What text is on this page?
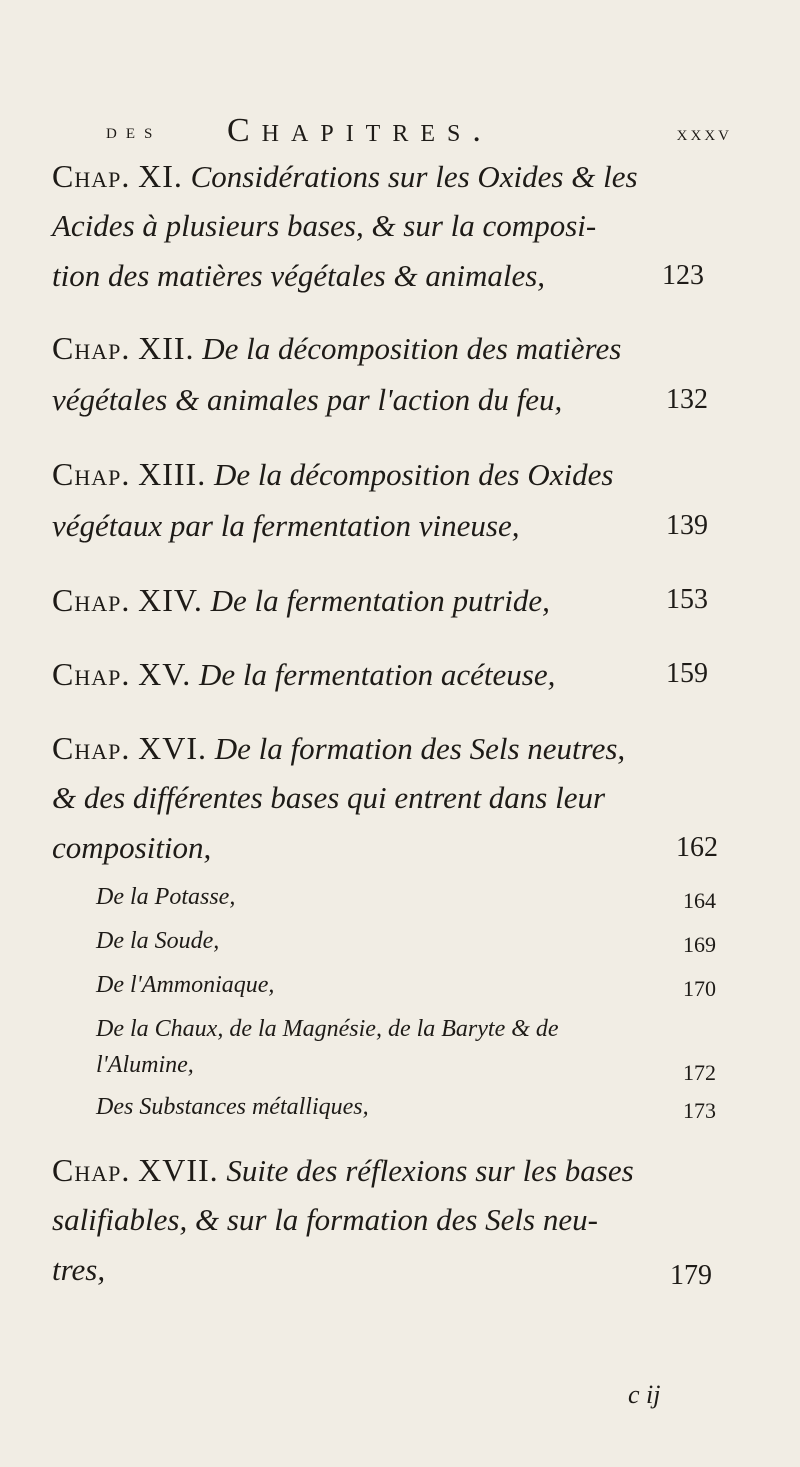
des Chapitres.	xxxv
Chap. XI. Considérations sur les Oxides & les
Acides à plusieurs bases, & sur la composi-
tion des matières végétales & animales,	123
Chap. XII. De la décomposition des matières
végétales & animales par l'action du feu,	132
Chap. XIII. De la décomposition des Oxides
végétaux par la fermentation vineuse,	139
Chap. XIV. De la fermentation putride,	153
Chap. XV. De la fermentation acéteuse,	159
Chap. XVI. De la formation des Sels neutres,
& des différentes bases qui entrent dans leur
composition,	162
De la Potasse,	164
De la Soude,	169
De l'Ammoniaque,	170
De la Chaux, de la Magnésie, de la Baryte & de
l'Alumine,	172
Des Substances métalliques,	173
Chap. XVII. Suite des réflexions sur les bases
salifiables, & sur la formation des Sels neu-
tres,	179
c ij
